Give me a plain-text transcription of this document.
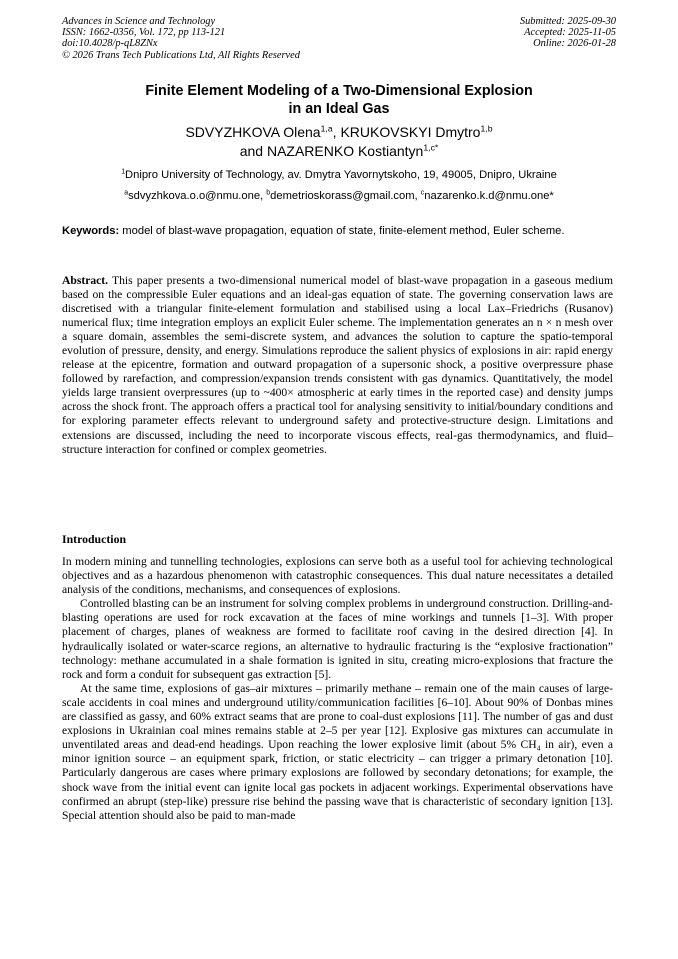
Advances in Science and Technology
ISSN: 1662-0356, Vol. 172, pp 113-121
doi:10.4028/p-qL8ZNx
© 2026 Trans Tech Publications Ltd, All Rights Reserved
Submitted: 2025-09-30
Accepted: 2025-11-05
Online: 2026-01-28
Finite Element Modeling of a Two-Dimensional Explosion
in an Ideal Gas
SDVYZHKOVA Olena$^{1,a}$, KRUKOVSKYI Dmytro$^{1,b}$
and NAZARENKO Kostiantyn$^{1,c*}$
$^1$Dnipro University of Technology, av. Dmytra Yavornytskoho, 19, 49005, Dnipro, Ukraine
$^a$sdvyzhkova.o.o@nmu.one, $^b$demetrioskorass@gmail.com, $^c$nazarenko.k.d@nmu.one*
Keywords: model of blast-wave propagation, equation of state, finite-element method, Euler scheme.
Abstract. This paper presents a two-dimensional numerical model of blast-wave propagation in a gaseous medium based on the compressible Euler equations and an ideal-gas equation of state. The governing conservation laws are discretised with a triangular finite-element formulation and stabilised using a local Lax–Friedrichs (Rusanov) numerical flux; time integration employs an explicit Euler scheme. The implementation generates an n × n mesh over a square domain, assembles the semi-discrete system, and advances the solution to capture the spatio-temporal evolution of pressure, density, and energy. Simulations reproduce the salient physics of explosions in air: rapid energy release at the epicentre, formation and outward propagation of a supersonic shock, a positive overpressure phase followed by rarefaction, and compression/expansion trends consistent with gas dynamics. Quantitatively, the model yields large transient overpressures (up to ~400× atmospheric at early times in the reported case) and density jumps across the shock front. The approach offers a practical tool for analysing sensitivity to initial/boundary conditions and for exploring parameter effects relevant to underground safety and protective-structure design. Limitations and extensions are discussed, including the need to incorporate viscous effects, real-gas thermodynamics, and fluid–structure interaction for confined or complex geometries.
Introduction

In modern mining and tunnelling technologies, explosions can serve both as a useful tool for achieving technological objectives and as a hazardous phenomenon with catastrophic consequences. This dual nature necessitates a detailed analysis of the conditions, mechanisms, and consequences of explosions.

Controlled blasting can be an instrument for solving complex problems in underground construction. Drilling-and-blasting operations are used for rock excavation at the faces of mine workings and tunnels [1–3]. With proper placement of charges, planes of weakness are formed to facilitate roof caving in the desired direction [4]. In hydraulically isolated or water-scarce regions, an alternative to hydraulic fracturing is the “explosive fractionation” technology: methane accumulated in a shale formation is ignited in situ, creating micro-explosions that fracture the rock and form a conduit for subsequent gas extraction [5].

At the same time, explosions of gas–air mixtures – primarily methane – remain one of the main causes of large-scale accidents in coal mines and underground utility/communication facilities [6–10]. About 90% of Donbas mines are classified as gassy, and 60% extract seams that are prone to coal-dust explosions [11]. The number of gas and dust explosions in Ukrainian coal mines remains stable at 2–5 per year [12]. Explosive gas mixtures can accumulate in unventilated areas and dead-end headings. Upon reaching the lower explosive limit (about 5% CH₄ in air), even a minor ignition source – an equipment spark, friction, or static electricity – can trigger a primary detonation [10]. Particularly dangerous are cases where primary explosions are followed by secondary detonations; for example, the shock wave from the initial event can ignite local gas pockets in adjacent workings. Experimental observations have confirmed an abrupt (step-like) pressure rise behind the passing wave that is characteristic of secondary ignition [13]. Special attention should also be paid to man-made
